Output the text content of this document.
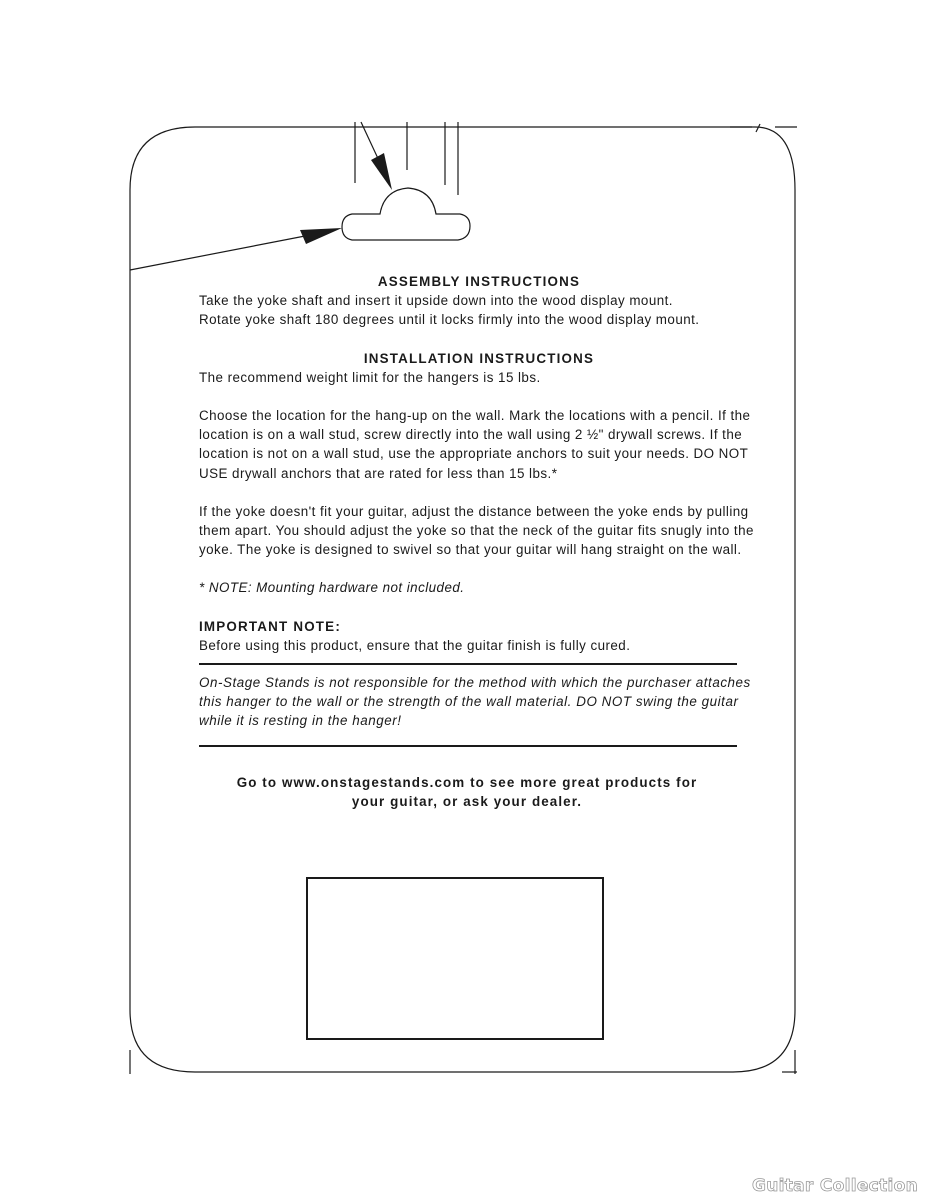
ASSEMBLY INSTRUCTIONS

Take the yoke shaft and insert it upside down into the wood display mount.

Rotate yoke shaft 180 degrees until it locks firmly into the wood display mount.

INSTALLATION INSTRUCTIONS

The recommend weight limit for the hangers is 15 lbs.

Choose the location for the hang-up on the wall. Mark the locations with a pencil. If the location is on a wall stud, screw directly into the wall using 2 ½" drywall screws. If the location is not on a wall stud, use the appropriate anchors to suit your needs. DO NOT USE drywall anchors that are rated for less than 15 lbs.*

If the yoke doesn't fit your guitar, adjust the distance between the yoke ends by pulling them apart. You should adjust the yoke so that the neck of the guitar fits snugly into the yoke. The yoke is designed to swivel so that your guitar will hang straight on the wall.

* NOTE: Mounting hardware not included.

IMPORTANT NOTE:

Before using this product, ensure that the guitar finish is fully cured.

On-Stage Stands is not responsible for the method with which the purchaser attaches this hanger to the wall or the strength of the wall material. DO NOT swing the guitar while it is resting in the hanger!

Go to www.onstagestands.com to see more great products for

your guitar, or ask your dealer.

Guitar Collection
